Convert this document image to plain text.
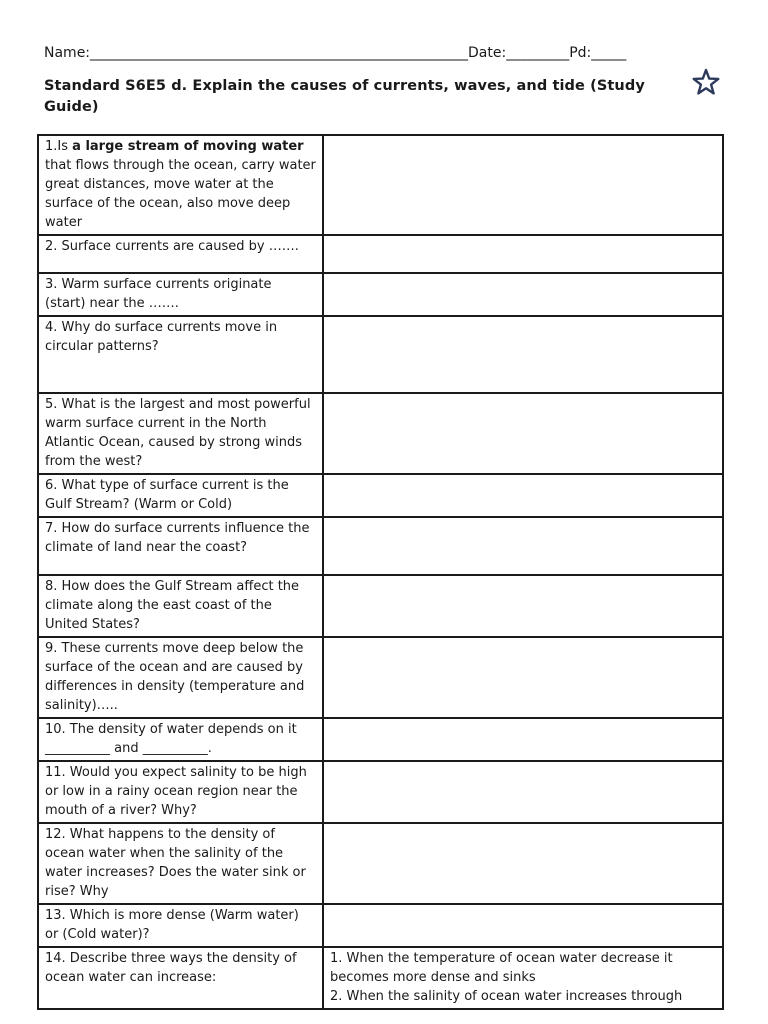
Name:______________________________________________________Date:_________Pd:_____
Standard S6E5 d. Explain the causes of currents, waves, and tide (Study Guide)
1.Is a large stream of moving water that flows through the ocean, carry water great distances, move water at the surface of the ocean, also move deep water	
2. Surface currents are caused by …….	
3. Warm surface currents originate (start) near the …….	
4. Why do surface currents move in circular patterns?	
5. What is the largest and most powerful warm surface current in the North Atlantic Ocean, caused by strong winds from the west?	
6. What type of surface current is the Gulf Stream? (Warm or Cold)	
7. How do surface currents influence the climate of land near the coast?	
8. How does the Gulf Stream affect the climate along the east coast of the United States?	
9. These currents move deep below the surface of the ocean and are caused by differences in density (temperature and salinity)…..	
10. The density of water depends on it __________ and __________.	
11. Would you expect salinity to be high or low in a rainy ocean region near the mouth of a river? Why?	
12. What happens to the density of ocean water when the salinity of the water increases? Does the water sink or rise? Why	
13. Which is more dense (Warm water) or (Cold water)?	
14. Describe three ways the density of ocean water can increase:	1. When the temperature of ocean water decrease it becomes more dense and sinks
2. When the salinity of ocean water increases through
